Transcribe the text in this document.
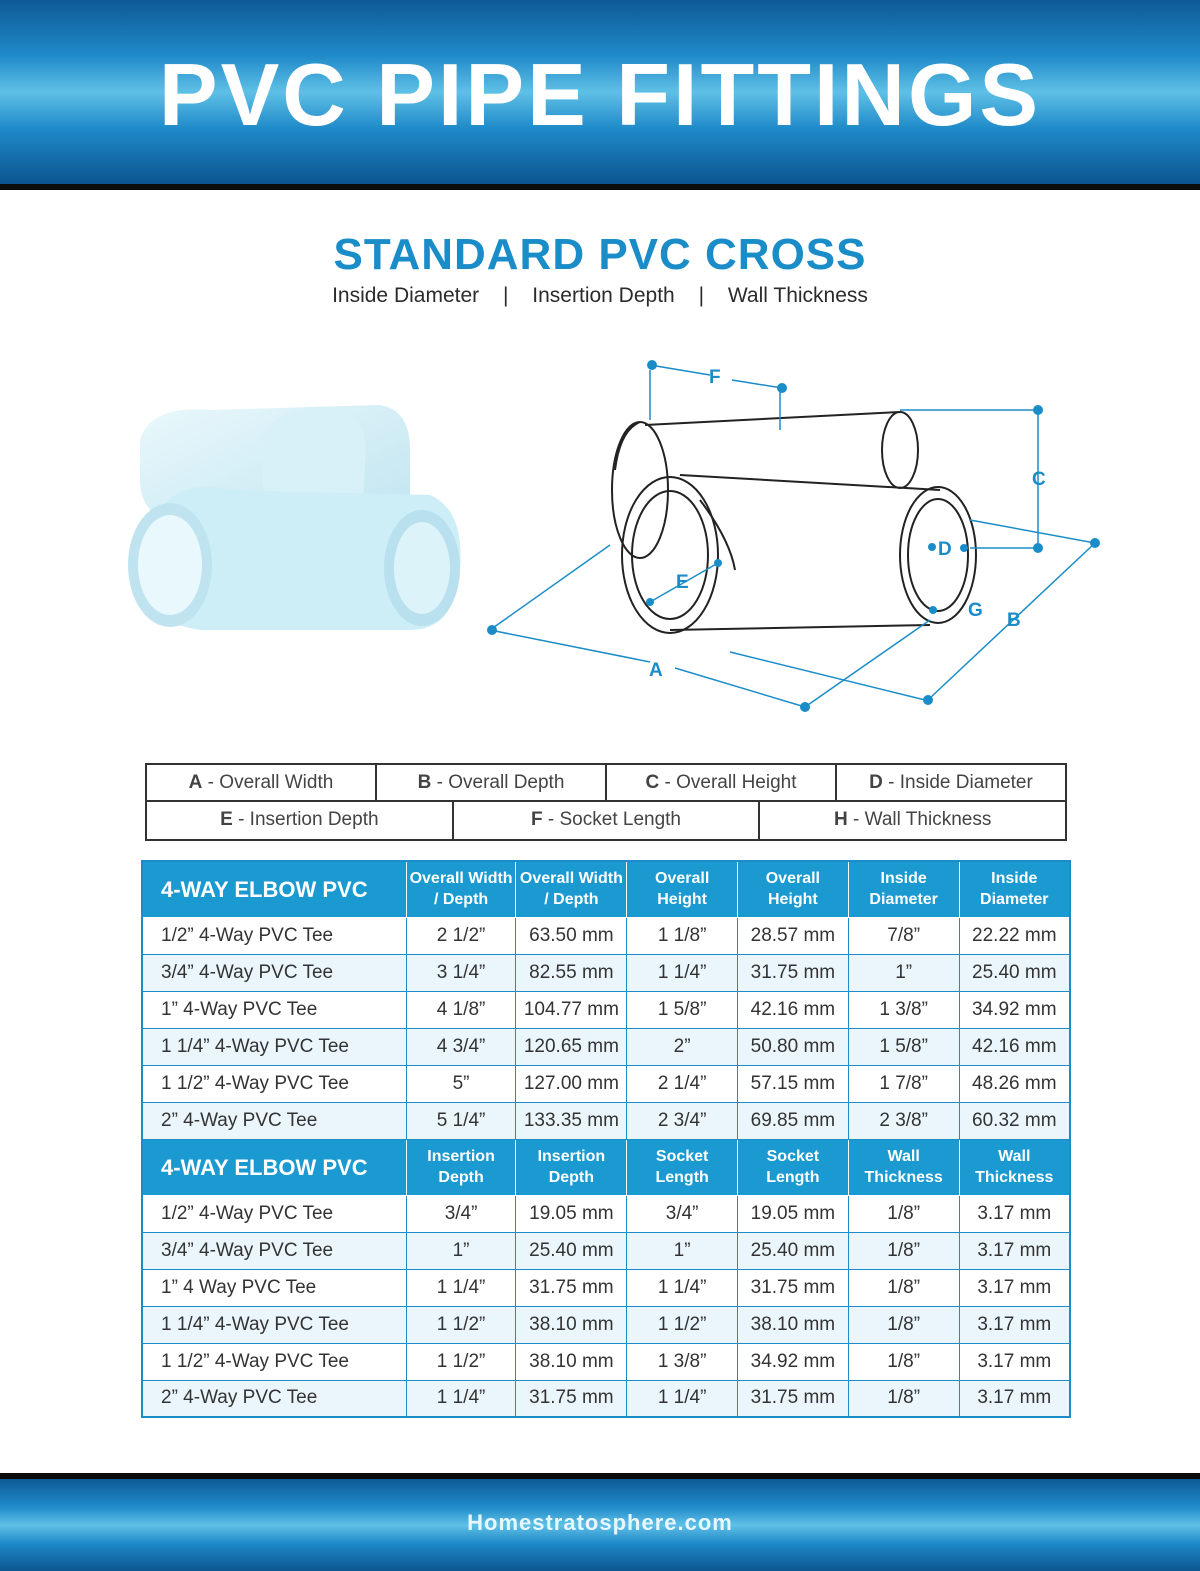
PVC PIPE FITTINGS
STANDARD PVC CROSS
Inside Diameter | Insertion Depth | Wall Thickness
F
C
D
E
G B
A
A - Overall Width	B - Overall Depth	C - Overall Height	D - Inside Diameter
E - Insertion Depth	F - Socket Length	H - Wall Thickness
4-WAY ELBOW PVC	Overall Width / Depth	Overall Width / Depth	Overall Height	Overall Height	Inside Diameter	Inside Diameter
1/2” 4-Way PVC Tee	2 1/2”	63.50 mm	1 1/8”	28.57 mm	7/8”	22.22 mm
3/4” 4-Way PVC Tee	3 1/4”	82.55 mm	1 1/4”	31.75 mm	1”	25.40 mm
1” 4-Way PVC Tee	4 1/8”	104.77 mm	1 5/8”	42.16 mm	1 3/8”	34.92 mm
1 1/4” 4-Way PVC Tee	4 3/4”	120.65 mm	2”	50.80 mm	1 5/8”	42.16 mm
1 1/2” 4-Way PVC Tee	5”	127.00 mm	2 1/4”	57.15 mm	1 7/8”	48.26 mm
2” 4-Way PVC Tee	5 1/4”	133.35 mm	2 3/4”	69.85 mm	2 3/8”	60.32 mm
4-WAY ELBOW PVC	Insertion Depth	Insertion Depth	Socket Length	Socket Length	Wall Thickness	Wall Thickness
1/2” 4-Way PVC Tee	3/4”	19.05 mm	3/4”	19.05 mm	1/8”	3.17 mm
3/4” 4-Way PVC Tee	1”	25.40 mm	1”	25.40 mm	1/8”	3.17 mm
1” 4 Way PVC Tee	1 1/4”	31.75 mm	1 1/4”	31.75 mm	1/8”	3.17 mm
1 1/4” 4-Way PVC Tee	1 1/2”	38.10 mm	1 1/2”	38.10 mm	1/8”	3.17 mm
1 1/2” 4-Way PVC Tee	1 1/2”	38.10 mm	1 3/8”	34.92 mm	1/8”	3.17 mm
2” 4-Way PVC Tee	1 1/4”	31.75 mm	1 1/4”	31.75 mm	1/8”	3.17 mm
Homestratosphere.com
